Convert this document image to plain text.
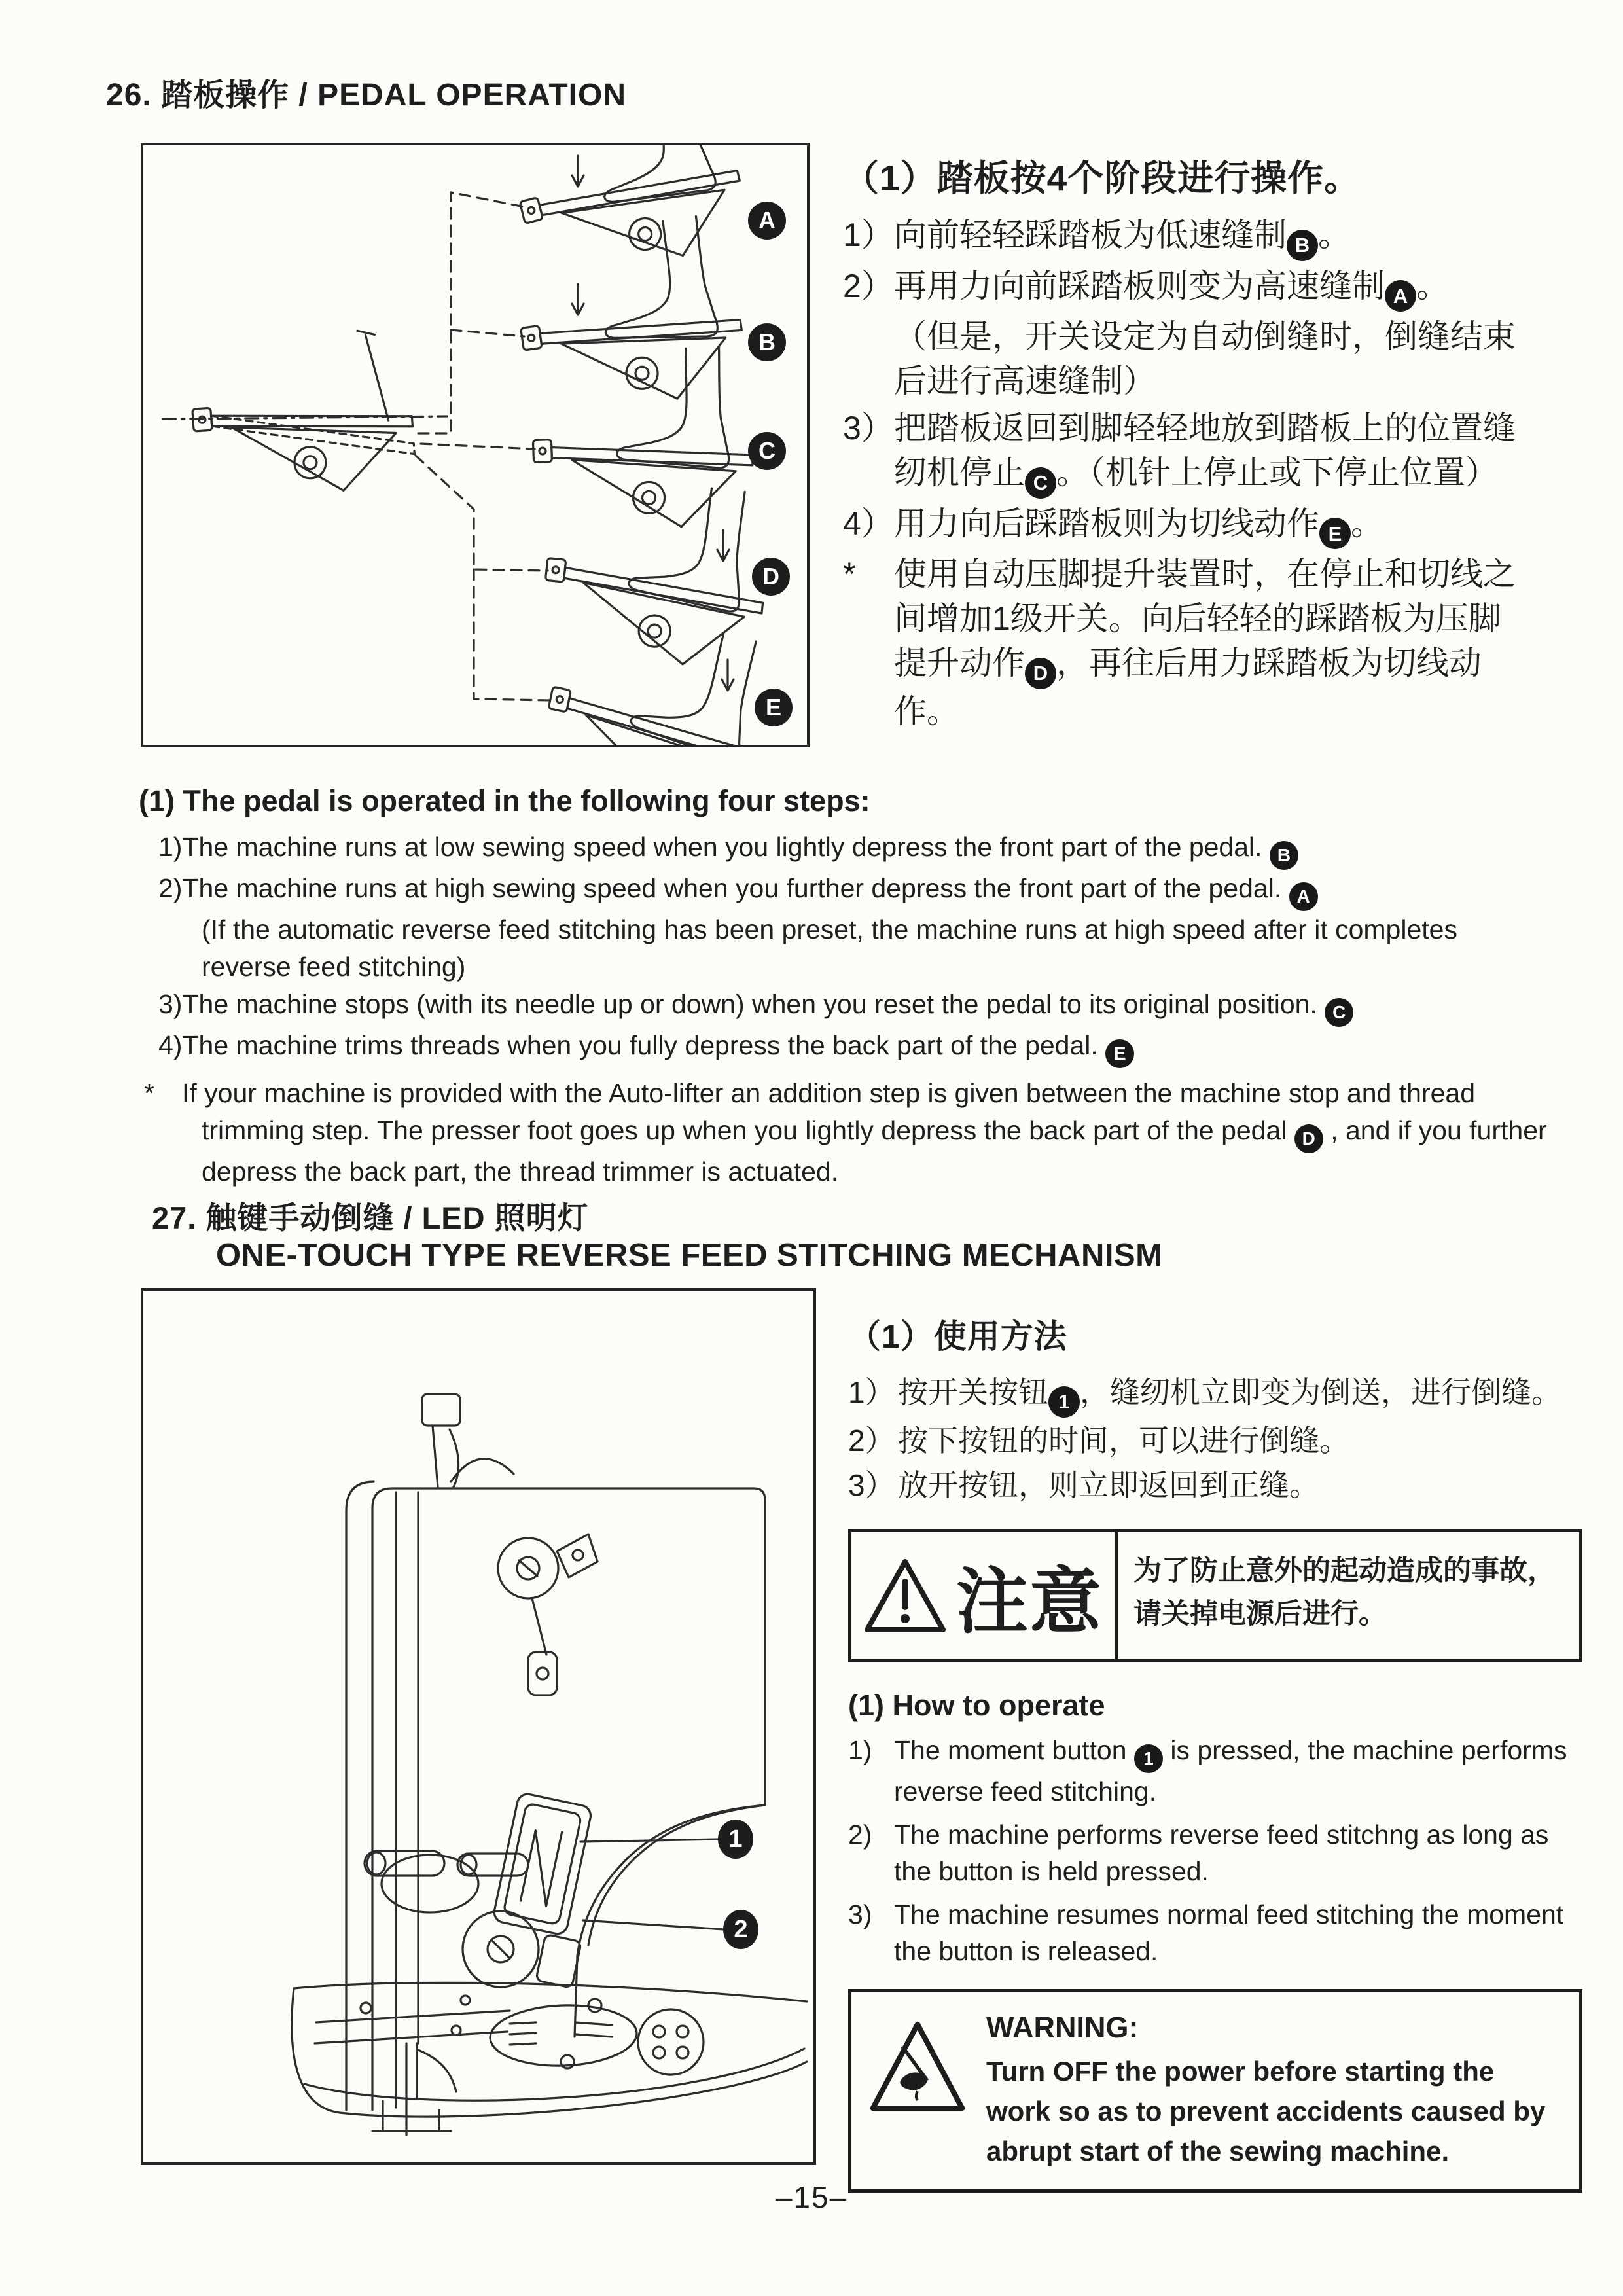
26. 踏板操作 / PEDAL OPERATION
A
B
C
D
E
（1）踏板按4个阶段进行操作。
1）向前轻轻踩踏板为低速缝制 B 。
2）再用力向前踩踏板则变为高速缝制 A 。
（但是，开关设定为自动倒缝时，倒缝结束后进行高速缝制）
3）把踏板返回到脚轻轻地放到踏板上的位置缝纫机停止 C 。（机针上停止或下停止位置）
4）用力向后踩踏板则为切线动作 E 。
* 使用自动压脚提升装置时，在停止和切线之间增加1级开关。向后轻轻的踩踏板为压脚提升动作 D ，再往后用力踩踏板为切线动作。
(1) The pedal is operated in the following four steps:
1)The machine runs at low sewing speed when you lightly depress the front part of the pedal. B
2)The machine runs at high sewing speed when you further depress the front part of the pedal. A
(If the automatic reverse feed stitching has been preset, the machine runs at high speed after it completes reverse feed stitching)
3)The machine stops (with its needle up or down) when you reset the pedal to its original position. C
4)The machine trims threads when you fully depress the back part of the pedal. E
* If your machine is provided with the Auto-lifter an addition step is given between the machine stop and thread trimming step. The presser foot goes up when you lightly depress the back part of the pedal D , and if you further depress the back part, the thread trimmer is actuated.
27. 触键手动倒缝 / LED 照明灯
ONE-TOUCH TYPE REVERSE FEED STITCHING MECHANISM
1
2
（1）使用方法
1）按开关按钮 1 ，缝纫机立即变为倒送，进行倒缝。
2）按下按钮的时间，可以进行倒缝。
3）放开按钮，则立即返回到正缝。
注意 为了防止意外的起动造成的事故，
请关掉电源后进行。
(1) How to operate
1) The moment button 1 is pressed, the machine performs reverse feed stitching.
2) The machine performs reverse feed stitchng as long as the button is held pressed.
3) The machine resumes normal feed stitching the moment the button is released.
WARNING:
Turn OFF the power before starting the work so as to prevent accidents caused by abrupt start of the sewing machine.
–15–
